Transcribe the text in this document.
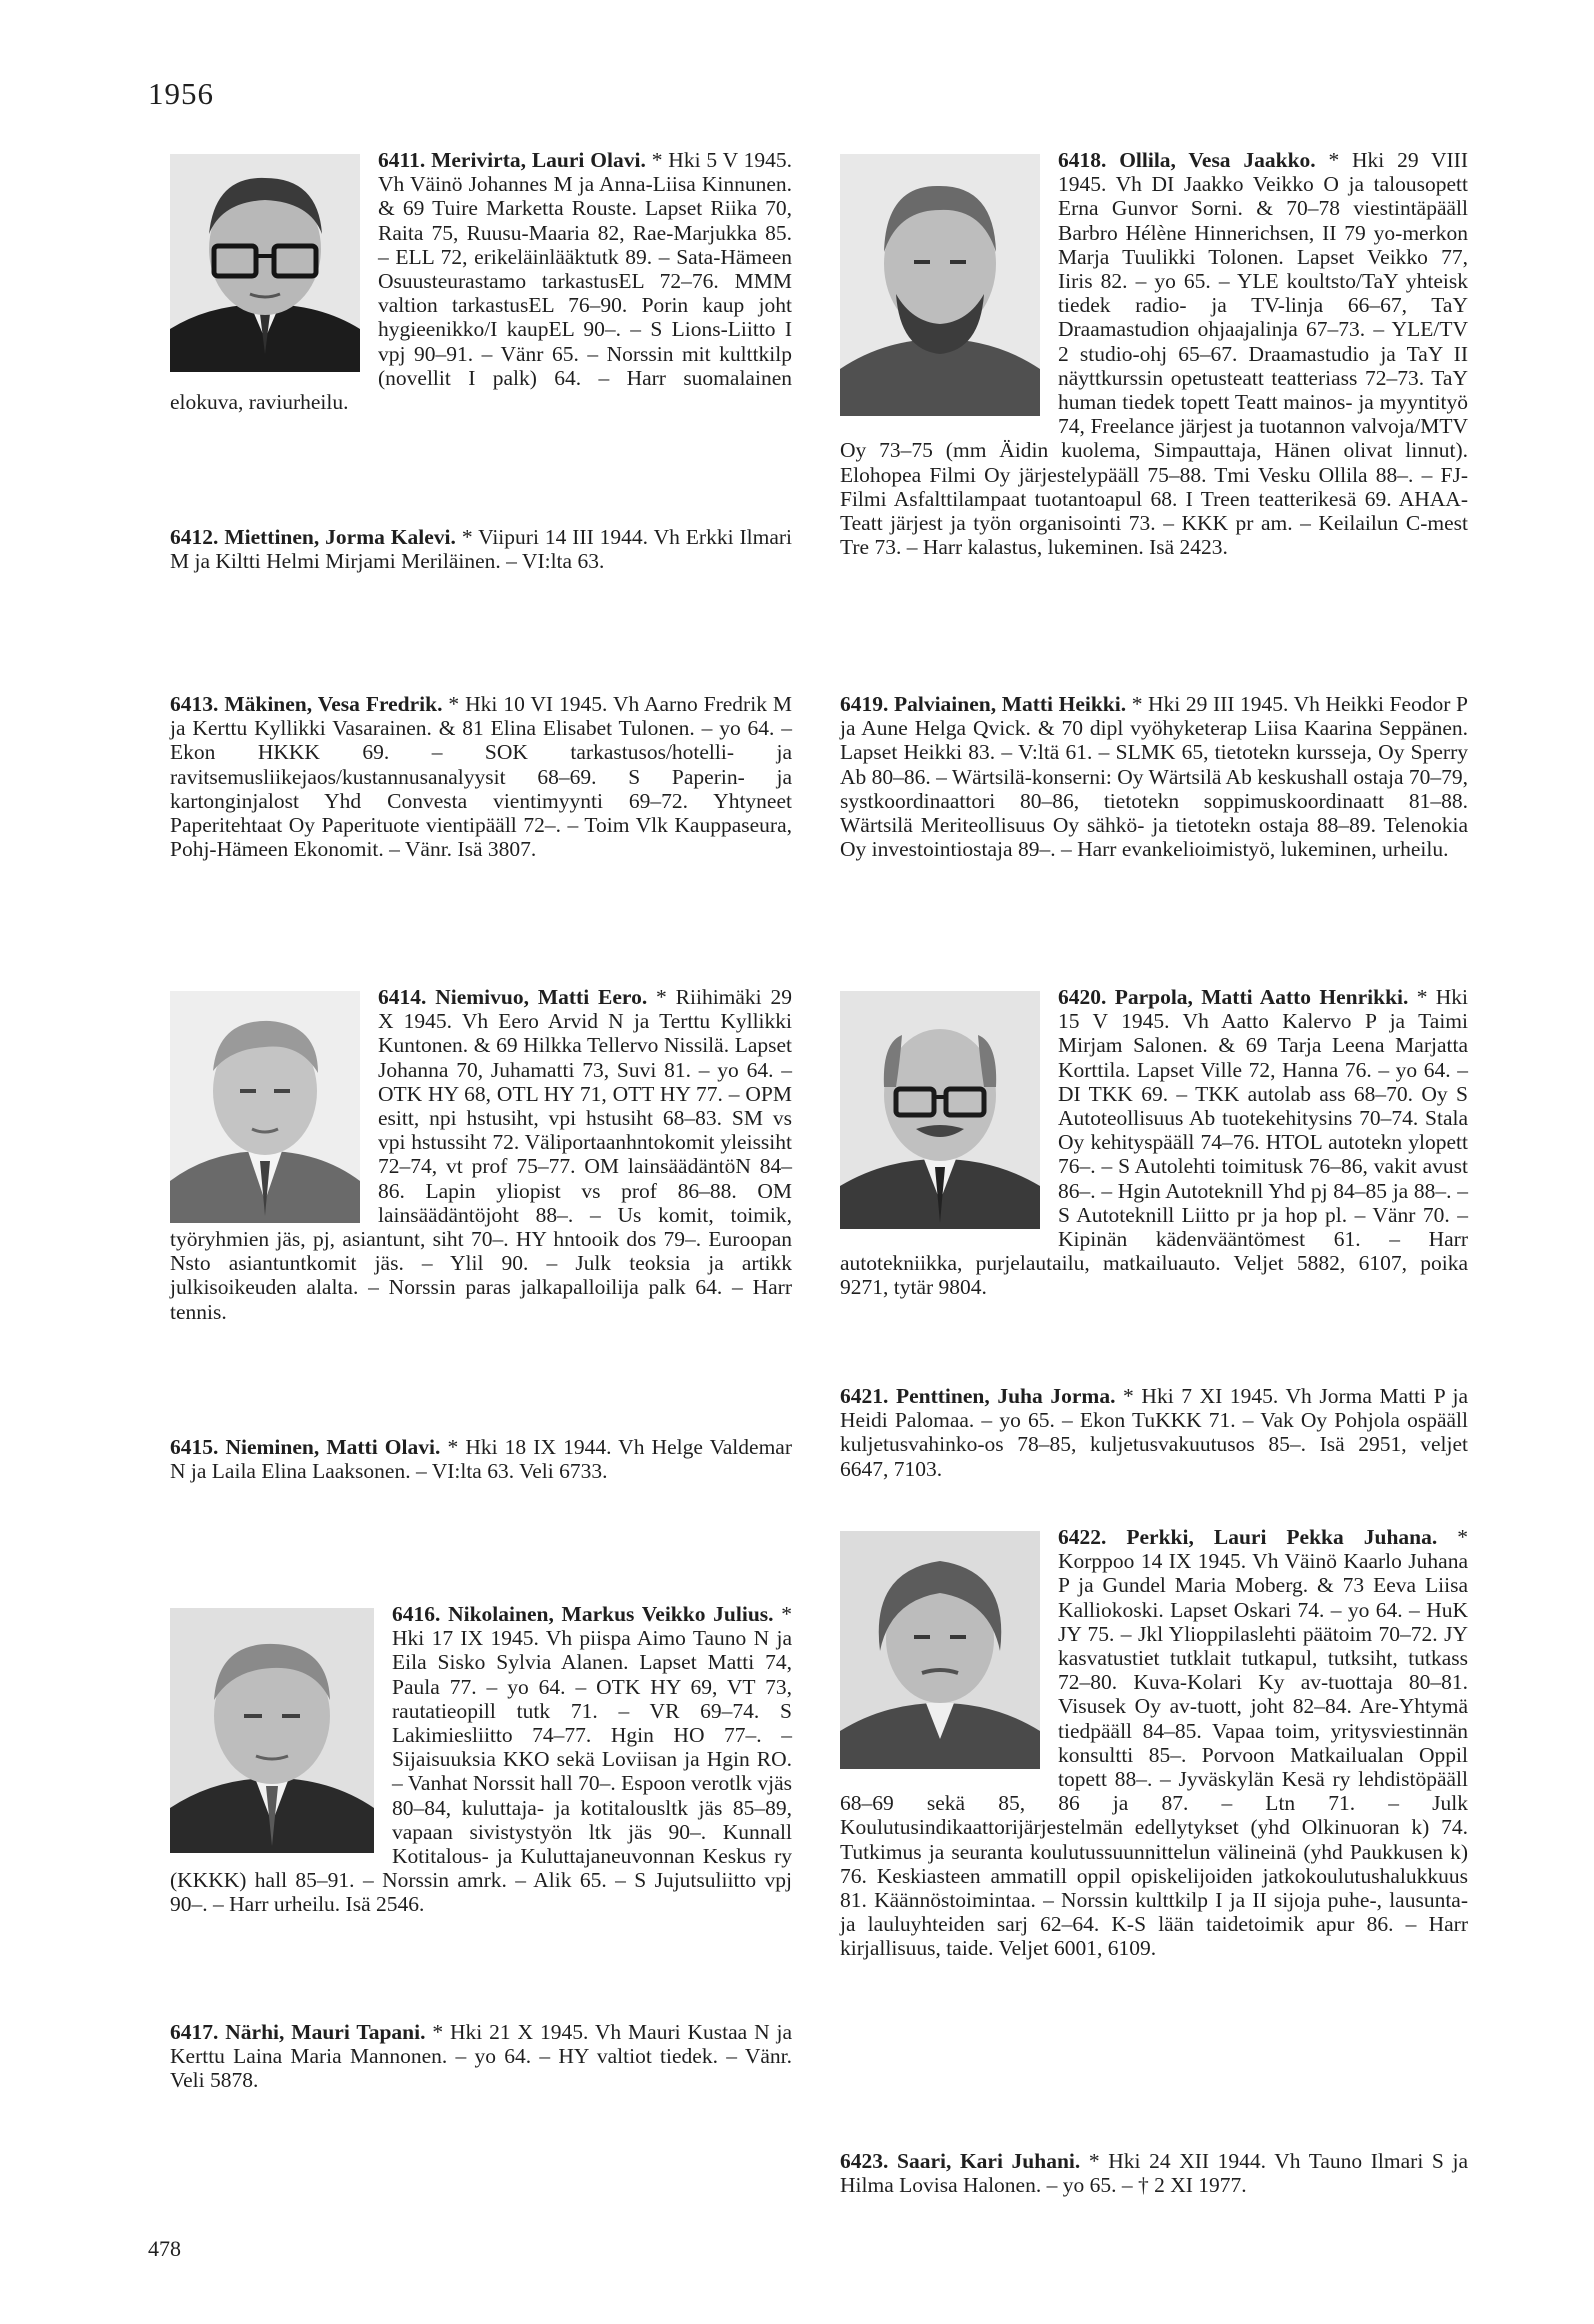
1956
6411. Merivirta, Lauri Olavi. * Hki 5 V 1945. Vh Väinö Johannes M ja Anna-Liisa Kinnunen. & 69 Tuire Marketta Rouste. Lapset Riika 70, Raita 75, Ruusu-Maaria 82, Rae-Marjukka 85. – ELL 72, erikeläinlääktutk 89. – Sata-Hämeen Osuusteurastamo tarkastusEL 72–76. MMM valtion tarkastusEL 76–90. Porin kaup joht hygieenikko/I kaupEL 90–. – S Lions-Liitto I vpj 90–91. – Vänr 65. – Norssin mit kulttkilp (novellit I palk) 64. – Harr suomalainen elokuva, raviurheilu.
6412. Miettinen, Jorma Kalevi. * Viipuri 14 III 1944. Vh Erkki Ilmari M ja Kiltti Helmi Mirjami Meriläinen. – VI:lta 63.
6413. Mäkinen, Vesa Fredrik. * Hki 10 VI 1945. Vh Aarno Fredrik M ja Kerttu Kyllikki Vasarainen. & 81 Elina Elisabet Tulonen. – yo 64. – Ekon HKKK 69. – SOK tarkastusos/hotelli- ja ravitsemusliikejaos/kustannusanalyysit 68–69. S Paperin- ja kartonginjalost Yhd Convesta vientimyynti 69–72. Yhtyneet Paperitehtaat Oy Paperituote vientipääll 72–. – Toim Vlk Kauppaseura, Pohj-Hämeen Ekonomit. – Vänr. Isä 3807.
6414. Niemivuo, Matti Eero. * Riihimäki 29 X 1945. Vh Eero Arvid N ja Terttu Kyllikki Kuntonen. & 69 Hilkka Tellervo Nissilä. Lapset Johanna 70, Juhamatti 73, Suvi 81. – yo 64. – OTK HY 68, OTL HY 71, OTT HY 77. – OPM esitt, npi hstusiht, vpi hstusiht 68–83. SM vs vpi hstussiht 72. Väliportaanhntokomit yleissiht 72–74, vt prof 75–77. OM lainsäädäntöN 84–86. Lapin yliopist vs prof 86–88. OM lainsäädäntöjoht 88–. – Us komit, toimik, työryhmien jäs, pj, asiantunt, siht 70–. HY hntooik dos 79–. Euroopan Nsto asiantuntkomit jäs. – Ylil 90. – Julk teoksia ja artikk julkisoikeuden alalta. – Norssin paras jalkapalloilija palk 64. – Harr tennis.
6415. Nieminen, Matti Olavi. * Hki 18 IX 1944. Vh Helge Valdemar N ja Laila Elina Laaksonen. – VI:lta 63. Veli 6733.
6416. Nikolainen, Markus Veikko Julius. * Hki 17 IX 1945. Vh piispa Aimo Tauno N ja Eila Sisko Sylvia Alanen. Lapset Matti 74, Paula 77. – yo 64. – OTK HY 69, VT 73, rautatieopill tutk 71. – VR 69–74. S Lakimiesliitto 74–77. Hgin HO 77–. – Sijaisuuksia KKO sekä Loviisan ja Hgin RO. – Vanhat Norssit hall 70–. Espoon verotlk vjäs 80–84, kuluttaja- ja kotitalousltk jäs 85–89, vapaan sivistystyön ltk jäs 90–. Kunnall Kotitalous- ja Kuluttajaneuvonnan Keskus ry (KKKK) hall 85–91. – Norssin amrk. – Alik 65. – S Jujutsuliitto vpj 90–. – Harr urheilu. Isä 2546.
6417. Närhi, Mauri Tapani. * Hki 21 X 1945. Vh Mauri Kustaa N ja Kerttu Laina Maria Mannonen. – yo 64. – HY valtiot tiedek. – Vänr. Veli 5878.
6418. Ollila, Vesa Jaakko. * Hki 29 VIII 1945. Vh DI Jaakko Veikko O ja talousopett Erna Gunvor Sorni. & 70–78 viestintäpääll Barbro Hélène Hinnerichsen, II 79 yo-merkon Marja Tuulikki Tolonen. Lapset Veikko 77, Iiris 82. – yo 65. – YLE koultsto/TaY yhteisk tiedek radio- ja TV-linja 66–67, TaY Draamastudion ohjaajalinja 67–73. – YLE/TV 2 studio-ohj 65–67. Draamastudio ja TaY II näyttkurssin opetusteatt teatteriass 72–73. TaY human tiedek topett Teatt mainos- ja myyntityö 74, Freelance järjest ja tuotannon valvoja/MTV Oy 73–75 (mm Äidin kuolema, Simpauttaja, Hänen olivat linnut). Elohopea Filmi Oy järjestelypääll 75–88. Tmi Vesku Ollila 88–. – FJ-Filmi Asfalttilampaat tuotantoapul 68. I Treen teatterikesä 69. AHAA-Teatt järjest ja työn organisointi 73. – KKK pr am. – Keilailun C-mest Tre 73. – Harr kalastus, lukeminen. Isä 2423.
6419. Palviainen, Matti Heikki. * Hki 29 III 1945. Vh Heikki Feodor P ja Aune Helga Qvick. & 70 dipl vyöhyketerap Liisa Kaarina Seppänen. Lapset Heikki 83. – V:ltä 61. – SLMK 65, tietotekn kursseja, Oy Sperry Ab 80–86. – Wärtsilä-konserni: Oy Wärtsilä Ab keskushall ostaja 70–79, systkoordinaattori 80–86, tietotekn soppimuskoordinaatt 81–88. Wärtsilä Meriteollisuus Oy sähkö- ja tietotekn ostaja 88–89. Telenokia Oy investointiostaja 89–. – Harr evankelioimistyö, lukeminen, urheilu.
6420. Parpola, Matti Aatto Henrikki. * Hki 15 V 1945. Vh Aatto Kalervo P ja Taimi Mirjam Salonen. & 69 Tarja Leena Marjatta Korttila. Lapset Ville 72, Hanna 76. – yo 64. – DI TKK 69. – TKK autolab ass 68–70. Oy S Autoteollisuus Ab tuotekehitysins 70–74. Stala Oy kehityspääll 74–76. HTOL autotekn ylopett 76–. – S Autolehti toimitusk 76–86, vakit avust 86–. – Hgin Autoteknill Yhd pj 84–85 ja 88–. – S Autoteknill Liitto pr ja hop pl. – Vänr 70. – Kipinän kädenvääntömest 61. – Harr autotekniikka, purjelautailu, matkailuauto. Veljet 5882, 6107, poika 9271, tytär 9804.
6421. Penttinen, Juha Jorma. * Hki 7 XI 1945. Vh Jorma Matti P ja Heidi Palomaa. – yo 65. – Ekon TuKKK 71. – Vak Oy Pohjola ospääll kuljetusvahinko-os 78–85, kuljetusvakuutusos 85–. Isä 2951, veljet 6647, 7103.
6422. Perkki, Lauri Pekka Juhana. * Korppoo 14 IX 1945. Vh Väinö Kaarlo Juhana P ja Gundel Maria Moberg. & 73 Eeva Liisa Kalliokoski. Lapset Oskari 74. – yo 64. – HuK JY 75. – Jkl Ylioppilaslehti päätoim 70–72. JY kasvatustiet tutklait tutkapul, tutksiht, tutkass 72–80. Kuva-Kolari Ky av-tuottaja 80–81. Visusek Oy av-tuott, joht 82–84. Are-Yhtymä tiedpääll 84–85. Vapaa toim, yritysviestinnän konsultti 85–. Porvoon Matkailualan Oppil topett 88–. – Jyväskylän Kesä ry lehdistöpääll 68–69 sekä 85, 86 ja 87. – Ltn 71. – Julk Koulutusindikaattorijärjestelmän edellytykset (yhd Olkinuoran k) 74. Tutkimus ja seuranta koulutussuunnittelun välineinä (yhd Paukkusen k) 76. Keskiasteen ammatill oppil opiskelijoiden jatkokoulutushalukkuus 81. Käännöstoimintaa. – Norssin kulttkilp I ja II sijoja puhe-, lausunta- ja lauluyhteiden sarj 62–64. K-S lään taidetoimik apur 86. – Harr kirjallisuus, taide. Veljet 6001, 6109.
6423. Saari, Kari Juhani. * Hki 24 XII 1944. Vh Tauno Ilmari S ja Hilma Lovisa Halonen. – yo 65. – † 2 XI 1977.
478
